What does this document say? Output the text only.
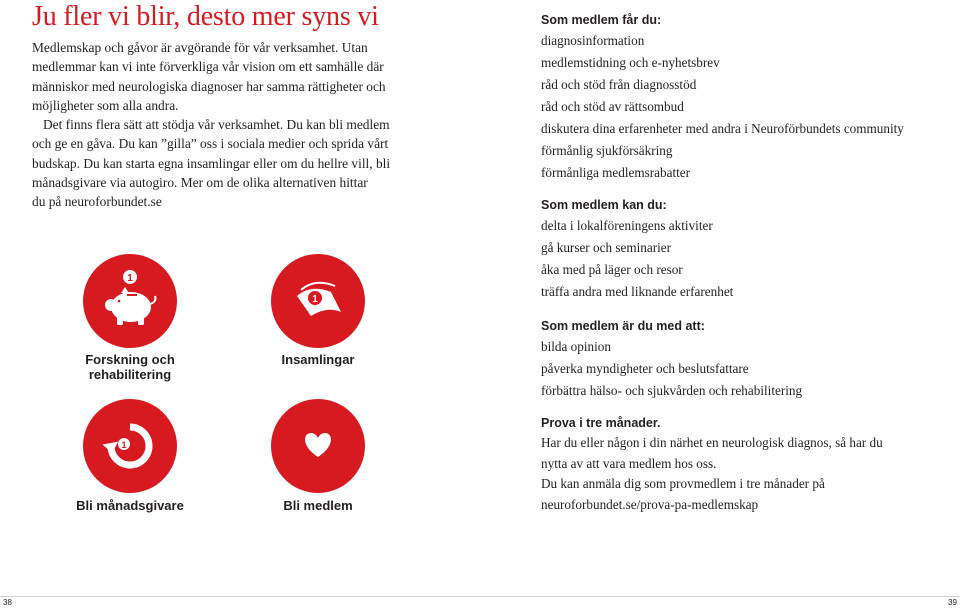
Ju fler vi blir, desto mer syns vi

Medlemskap och gåvor är avgörande för vår verksamhet. Utan
medlemmar kan vi inte förverkliga vår vision om ett samhälle där
människor med neurologiska diagnoser har samma rättigheter och
möjligheter som alla andra.

Det finns flera sätt att stödja vår verksamhet. Du kan bli medlem
och ge en gåva. Du kan ”gilla” oss i sociala medier och sprida vårt
budskap. Du kan starta egna insamlingar eller om du hellre vill, bli
månadsgivare via autogiro. Mer om de olika alternativen hittar
du på neuroforbundet.se

1
Forskning och
rehabilitering
1
Insamlingar
1
Bli månadsgivare	Bli medlem
Som medlem får du:
diagnosinformation
medlemstidning och e-nyhetsbrev
råd och stöd från diagnosstöd
råd och stöd av rättsombud
diskutera dina erfarenheter med andra i Neuroförbundets community
förmånlig sjukförsäkring
förmånliga medlemsrabatter
Som medlem kan du:
delta i lokalföreningens aktiviter
gå kurser och seminarier
åka med på läger och resor
träffa andra med liknande erfarenhet
Som medlem är du med att:
bilda opinion
påverka myndigheter och beslutsfattare
förbättra hälso- och sjukvården och rehabilitering
Prova i tre månader.
Har du eller någon i din närhet en neurologisk diagnos, så har du
nytta av att vara medlem hos oss.
Du kan anmäla dig som provmedlem i tre månader på
neuroforbundet.se/prova-pa-medlemskap
38	39
